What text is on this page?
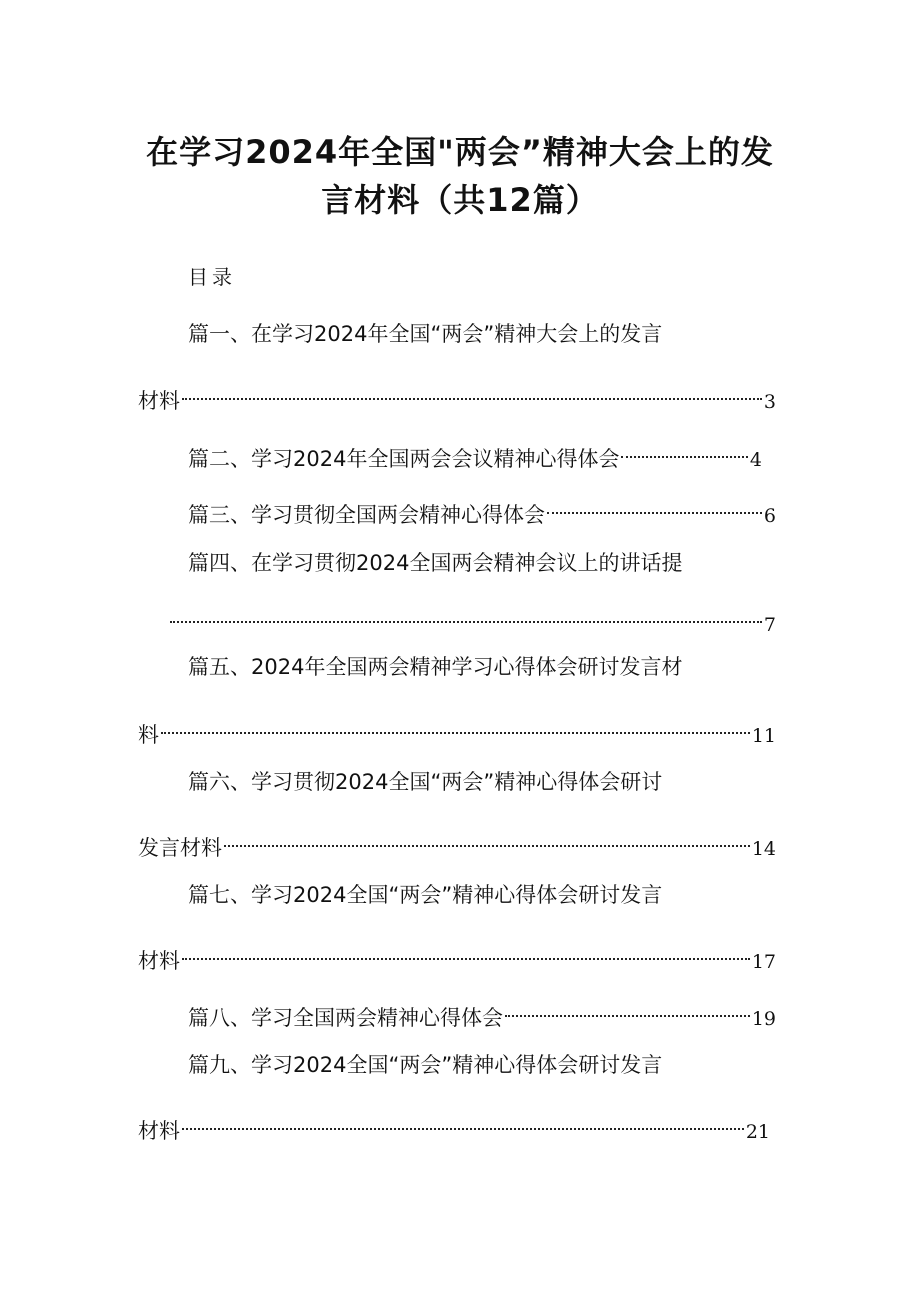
在学习2024年全国"两会”精神大会上的发
言材料（共12篇）
目录
篇一、在学习2024年全国“两会”精神大会上的发言
材料	3
篇二、学习2024年全国两会会议精神心得体会	4
篇三、学习贯彻全国两会精神心得体会	6
篇四、在学习贯彻2024全国两会精神会议上的讲话提
7
篇五、2024年全国两会精神学习心得体会研讨发言材
料	11
篇六、学习贯彻2024全国“两会”精神心得体会研讨
发言材料	14
篇七、学习2024全国“两会”精神心得体会研讨发言
材料	17
篇八、学习全国两会精神心得体会	19
篇九、学习2024全国“两会”精神心得体会研讨发言
材料	21
